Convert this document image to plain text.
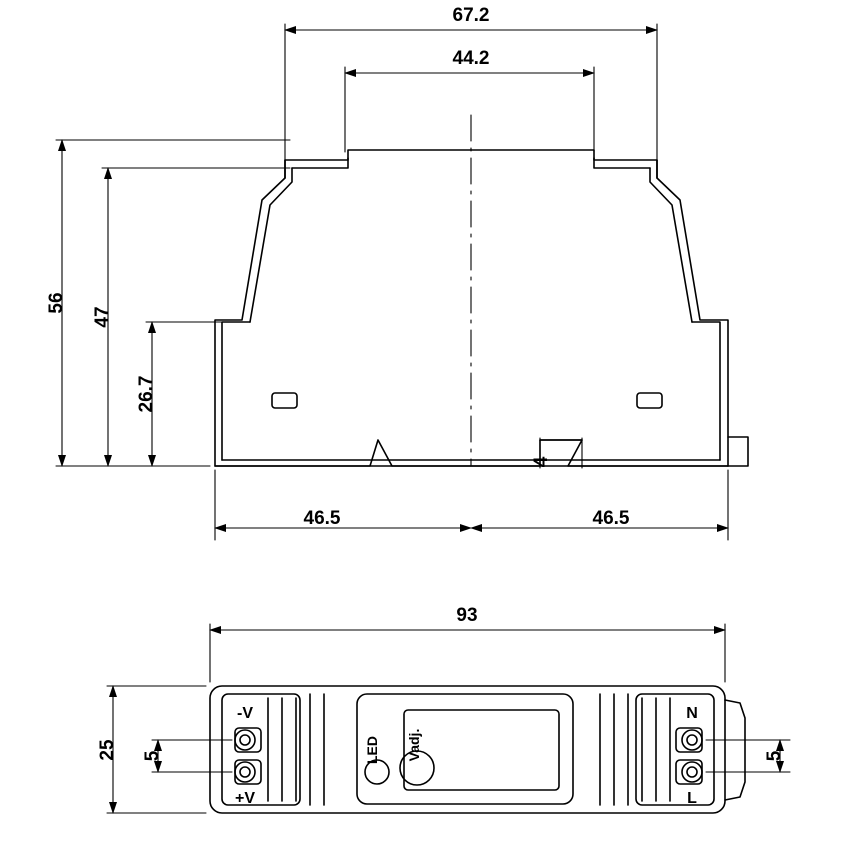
67.2
44.2
56
47
26.7
46.5	46.5
4
93
25 5	5
-V
+V
N
L
LED Vadj.
